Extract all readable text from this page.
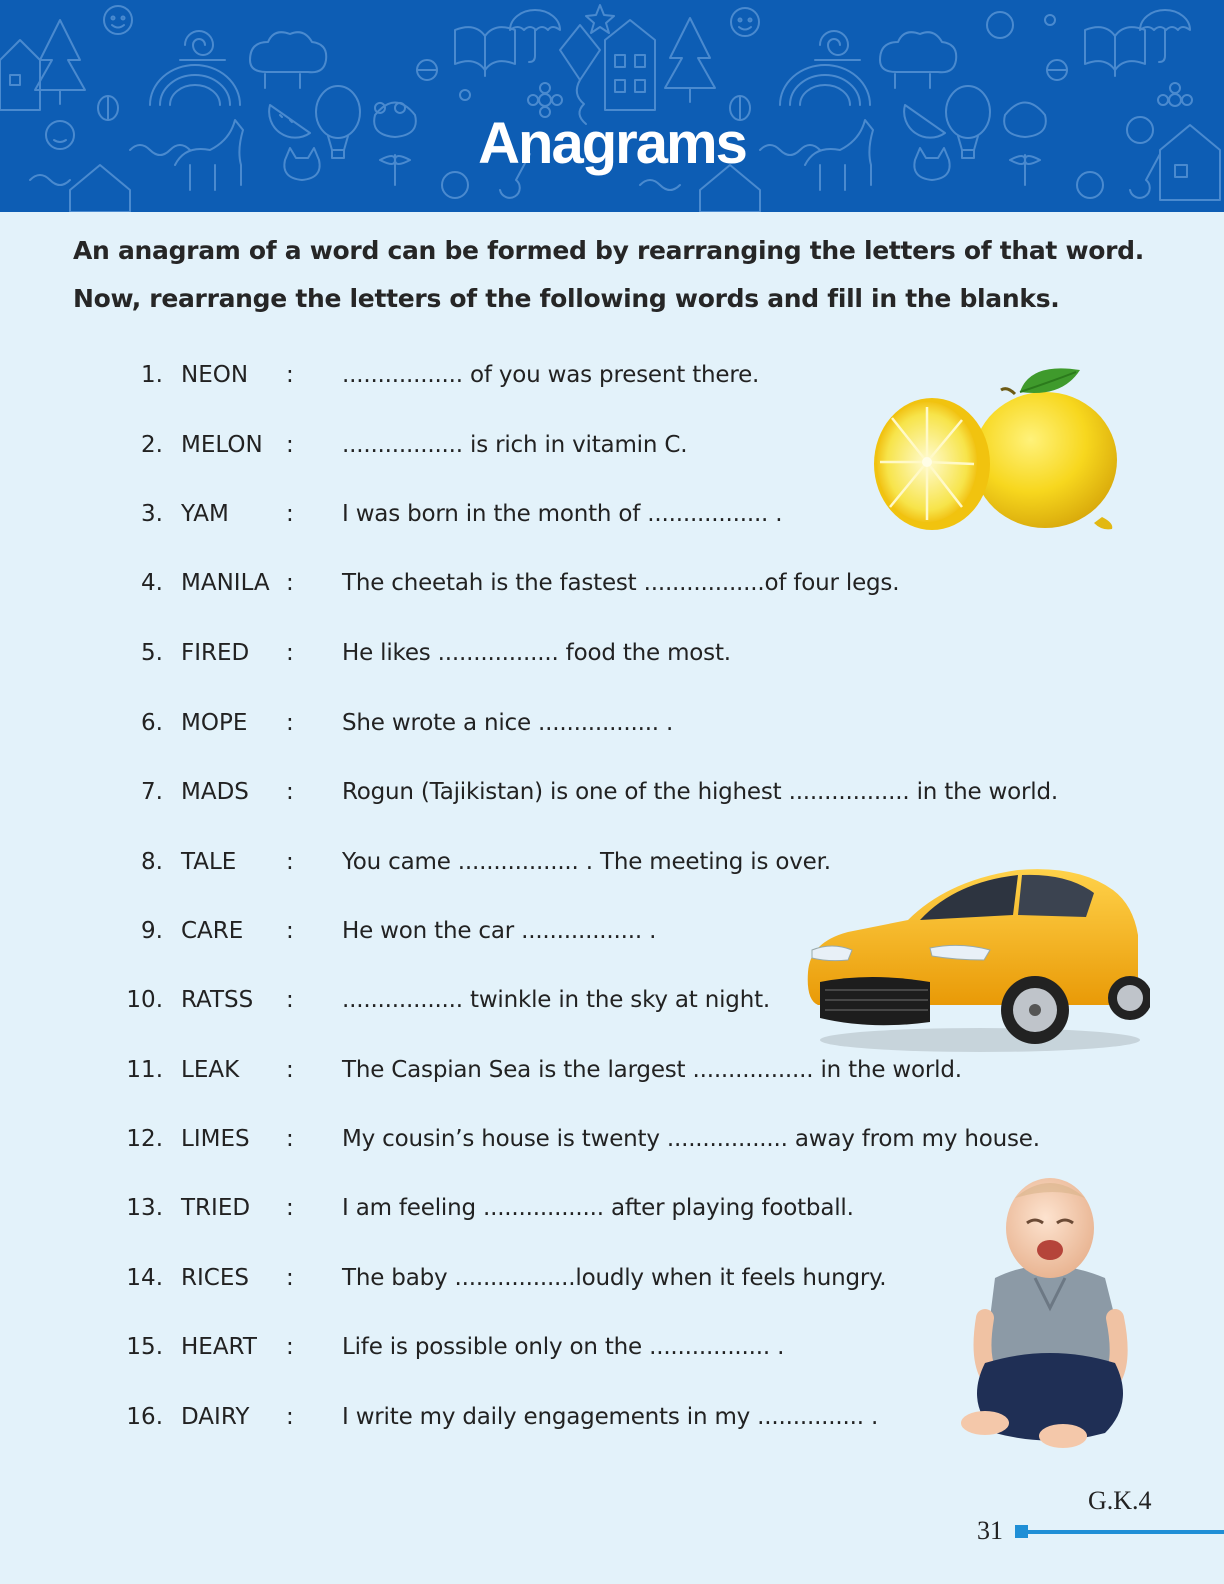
Anagrams
An anagram of a word can be formed by rearranging the letters of that word.
Now, rearrange the letters of the following words and fill in the blanks.
1. NEON : ................. of you was present there.
2. MELON : ................. is rich in vitamin C.
3. YAM : I was born in the month of ................. .
4. MANILA : The cheetah is the fastest .................of four legs.
5. FIRED : He likes ................. food the most.
6. MOPE : She wrote a nice ................. .
7. MADS : Rogun (Tajikistan) is one of the highest ................. in the world.
8. TALE : You came ................. . The meeting is over.
9. CARE : He won the car ................. .
10. RATSS : ................. twinkle in the sky at night.
11. LEAK : The Caspian Sea is the largest ................. in the world.
12. LIMES : My cousin’s house is twenty ................. away from my house.
13. TRIED : I am feeling ................. after playing football.
14. RICES : The baby .................loudly when it feels hungry.
15. HEART : Life is possible only on the ................. .
16. DAIRY : I write my daily engagements in my ............... .
G.K.4
31
